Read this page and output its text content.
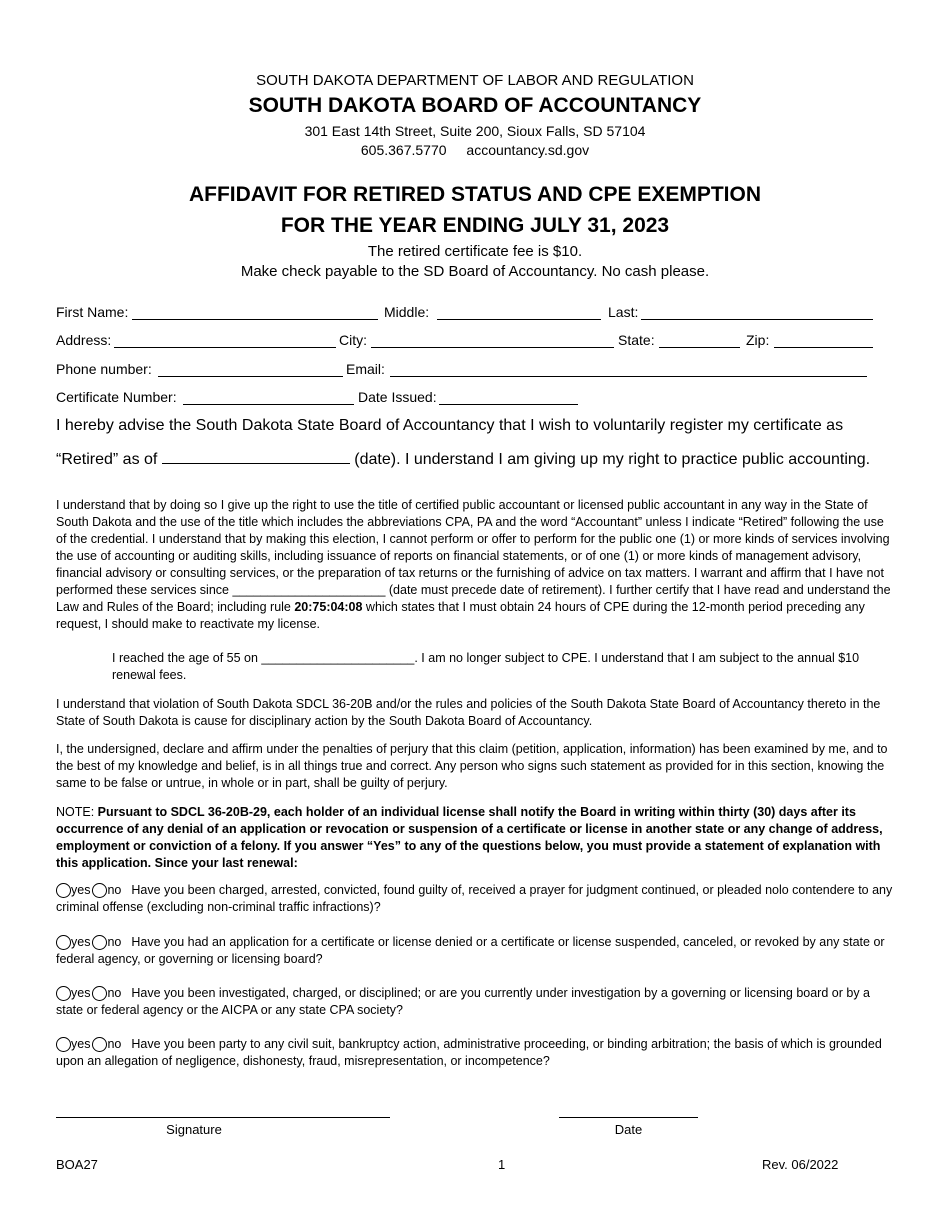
SOUTH DAKOTA DEPARTMENT OF LABOR AND REGULATION
SOUTH DAKOTA BOARD OF ACCOUNTANCY
301 East 14th Street, Suite 200, Sioux Falls, SD 57104
605.367.5770 accountancy.sd.gov
AFFIDAVIT FOR RETIRED STATUS AND CPE EXEMPTION
FOR THE YEAR ENDING JULY 31, 2023
The retired certificate fee is $10.
Make check payable to the SD Board of Accountancy. No cash please.
First Name:	Middle:	Last:
Address:	City:	State:	Zip:
Phone number:	Email:
Certificate Number:	Date Issued:
I hereby advise the South Dakota State Board of Accountancy that I wish to voluntarily register my certificate as
“Retired” as of	(date). I understand I am giving up my right to practice public accounting.
I understand that by doing so I give up the right to use the title of certified public accountant or licensed public accountant in any way in the State of South Dakota and the use of the title which includes the abbreviations CPA, PA and the word “Accountant” unless I indicate “Retired” following the use of the credential. I understand that by making this election, I cannot perform or offer to perform for the public one (1) or more kinds of services involving the use of accounting or auditing skills, including issuance of reports on financial statements, or of one (1) or more kinds of management advisory, financial advisory or consulting services, or the preparation of tax returns or the furnishing of advice on tax matters. I warrant and affirm that I have not performed these services since ______________________ (date must precede date of retirement). I further certify that I have read and understand the Law and Rules of the Board; including rule 20:75:04:08 which states that I must obtain 24 hours of CPE during the 12-month period preceding any request, I should make to reactivate my license.
I reached the age of 55 on ______________________. I am no longer subject to CPE. I understand that I am subject to the annual $10 renewal fees.
I understand that violation of South Dakota SDCL 36-20B and/or the rules and policies of the South Dakota State Board of Accountancy thereto in the State of South Dakota is cause for disciplinary action by the South Dakota Board of Accountancy.
I, the undersigned, declare and affirm under the penalties of perjury that this claim (petition, application, information) has been examined by me, and to the best of my knowledge and belief, is in all things true and correct. Any person who signs such statement as provided for in this section, knowing the same to be false or untrue, in whole or in part, shall be guilty of perjury.
NOTE: Pursuant to SDCL 36-20B-29, each holder of an individual license shall notify the Board in writing within thirty (30) days after its occurrence of any denial of an application or revocation or suspension of a certificate or license in another state or any change of address, employment or conviction of a felony. If you answer “Yes” to any of the questions below, you must provide a statement of explanation with this application. Since your last renewal:
yes no Have you been charged, arrested, convicted, found guilty of, received a prayer for judgment continued, or pleaded nolo contendere to any criminal offense (excluding non-criminal traffic infractions)?
yes no Have you had an application for a certificate or license denied or a certificate or license suspended, canceled, or revoked by any state or federal agency, or governing or licensing board?
yes no Have you been investigated, charged, or disciplined; or are you currently under investigation by a governing or licensing board or by a state or federal agency or the AICPA or any state CPA society?
yes no Have you been party to any civil suit, bankruptcy action, administrative proceeding, or binding arbitration; the basis of which is grounded upon an allegation of negligence, dishonesty, fraud, misrepresentation, or incompetence?
Signature	Date
BOA27	1	Rev. 06/2022
